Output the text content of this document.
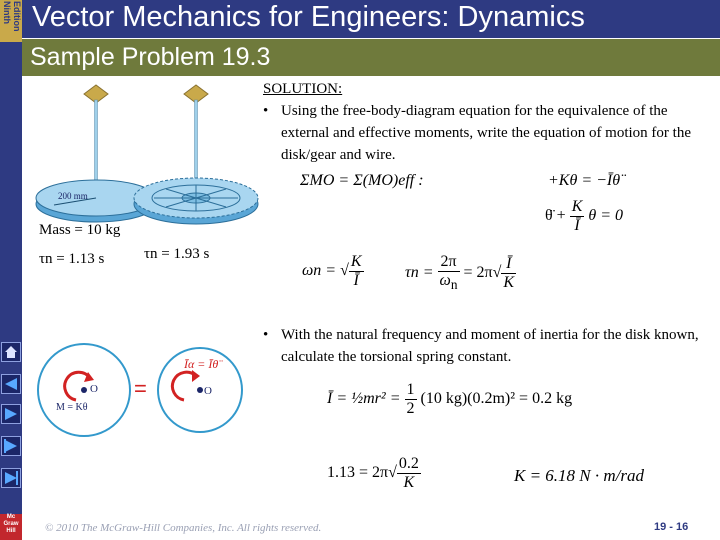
Ninth Edition
Mc
Graw
Hill
Vector Mechanics for Engineers: Dynamics
Sample Problem 19.3
200 mm
Mass = 10 kg
τn = 1.13 s	τn = 1.93 s
O
M = Kθ
=
Īα = Īθ̈
O
SOLUTION:
• Using the free-body-diagram equation for the equivalence of the external and effective moments, write the equation of motion for the disk/gear and wire.
ΣMO = Σ(MO)eff :	+Kθ = −Īθ̈
θ̈ + $\frac{K}{Ī}$ θ = 0
ωn = √ $\frac{K}{Ī}$	$\tau n = \frac{2\pi}{\omega_n} = 2\pi√ \frac{Ī}{K}$
• With the natural frequency and moment of inertia for the disk known, calculate the torsional spring constant.
Ī = ½mr² = $\frac{1}{2} (10$ kg)(0.2m)² = 0.2 kg
$1.13 = 2\pi√ \frac{0.2}{K}$	K = 6.18 N · m/rad
© 2010 The McGraw-Hill Companies, Inc. All rights reserved.	19 - 16
